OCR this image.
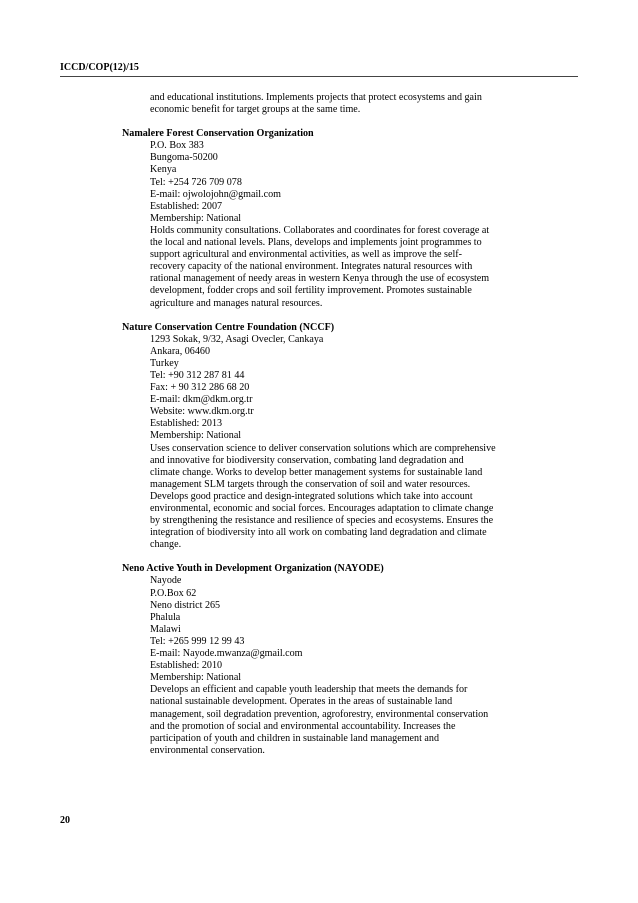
ICCD/COP(12)/15
and educational institutions. Implements projects that protect ecosystems and gain
economic benefit for target groups at the same time.
Namalere Forest Conservation Organization
P.O. Box 383
Bungoma-50200
Kenya
Tel: +254 726 709 078
E-mail: ojwolojohn@gmail.com
Established: 2007
Membership: National
Holds community consultations. Collaborates and coordinates for forest coverage at
the local and national levels. Plans, develops and implements joint programmes to
support agricultural and environmental activities, as well as improve the self-
recovery capacity of the national environment. Integrates natural resources with
rational management of needy areas in western Kenya through the use of ecosystem
development, fodder crops and soil fertility improvement. Promotes sustainable
agriculture and manages natural resources.
Nature Conservation Centre Foundation (NCCF)
1293 Sokak, 9/32, Asagi Ovecler, Cankaya
Ankara, 06460
Turkey
Tel: +90 312 287 81 44
Fax: + 90 312 286 68 20
E-mail: dkm@dkm.org.tr
Website: www.dkm.org.tr
Established: 2013
Membership: National
Uses conservation science to deliver conservation solutions which are comprehensive
and innovative for biodiversity conservation, combating land degradation and
climate change. Works to develop better management systems for sustainable land
management SLM targets through the conservation of soil and water resources.
Develops good practice and design-integrated solutions which take into account
environmental, economic and social forces. Encourages adaptation to climate change
by strengthening the resistance and resilience of species and ecosystems. Ensures the
integration of biodiversity into all work on combating land degradation and climate
change.
Neno Active Youth in Development Organization (NAYODE)
Nayode
P.O.Box 62
Neno district 265
Phalula
Malawi
Tel: +265 999 12 99 43
E-mail: Nayode.mwanza@gmail.com
Established: 2010
Membership: National
Develops an efficient and capable youth leadership that meets the demands for
national sustainable development. Operates in the areas of sustainable land
management, soil degradation prevention, agroforestry, environmental conservation
and the promotion of social and environmental accountability. Increases the
participation of youth and children in sustainable land management and
environmental conservation.
20
